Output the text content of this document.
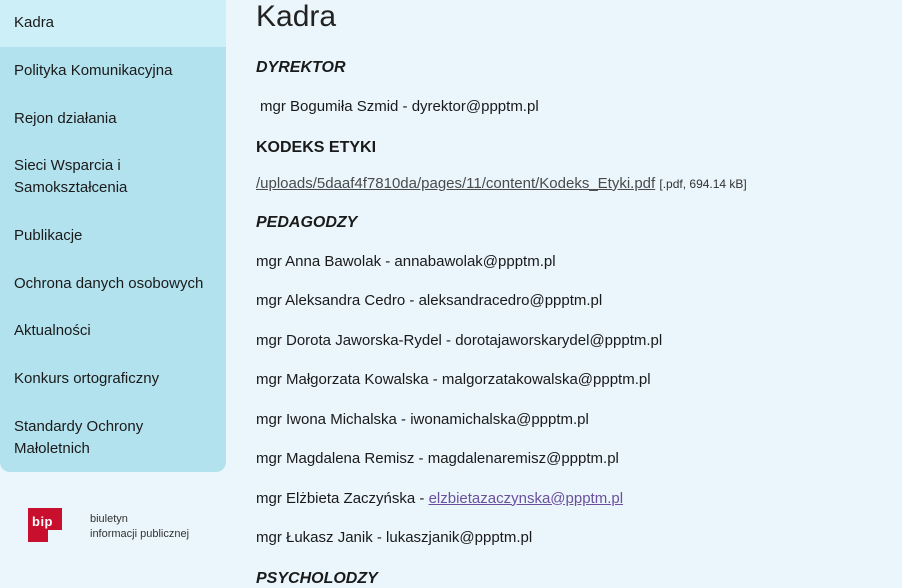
Kadra
Polityka Komunikacyjna
Rejon działania
Sieci Wsparcia i Samokształcenia
Publikacje
Ochrona danych osobowych
Aktualności
Konkurs ortograficzny
Standardy Ochrony Małoletnich
bip	biuletyn
informacji publicznej
Kadra
DYREKTOR
mgr Bogumiła Szmid - dyrektor@ppptm.pl
KODEKS ETYKI
/uploads/5daaf4f7810da/pages/11/content/Kodeks_Etyki.pdf [.pdf, 694.14 kB]
PEDAGODZY
mgr Anna Bawolak - annabawolak@ppptm.pl
mgr Aleksandra Cedro - aleksandracedro@ppptm.pl
mgr Dorota Jaworska-Rydel - dorotajaworskarydel@ppptm.pl
mgr Małgorzata Kowalska - malgorzatakowalska@ppptm.pl
mgr Iwona Michalska - iwonamichalska@ppptm.pl
mgr Magdalena Remisz - magdalenaremisz@ppptm.pl
mgr Elżbieta Zaczyńska - elzbietazaczynska@ppptm.pl
mgr Łukasz Janik - lukaszjanik@ppptm.pl
PSYCHOLODZY
